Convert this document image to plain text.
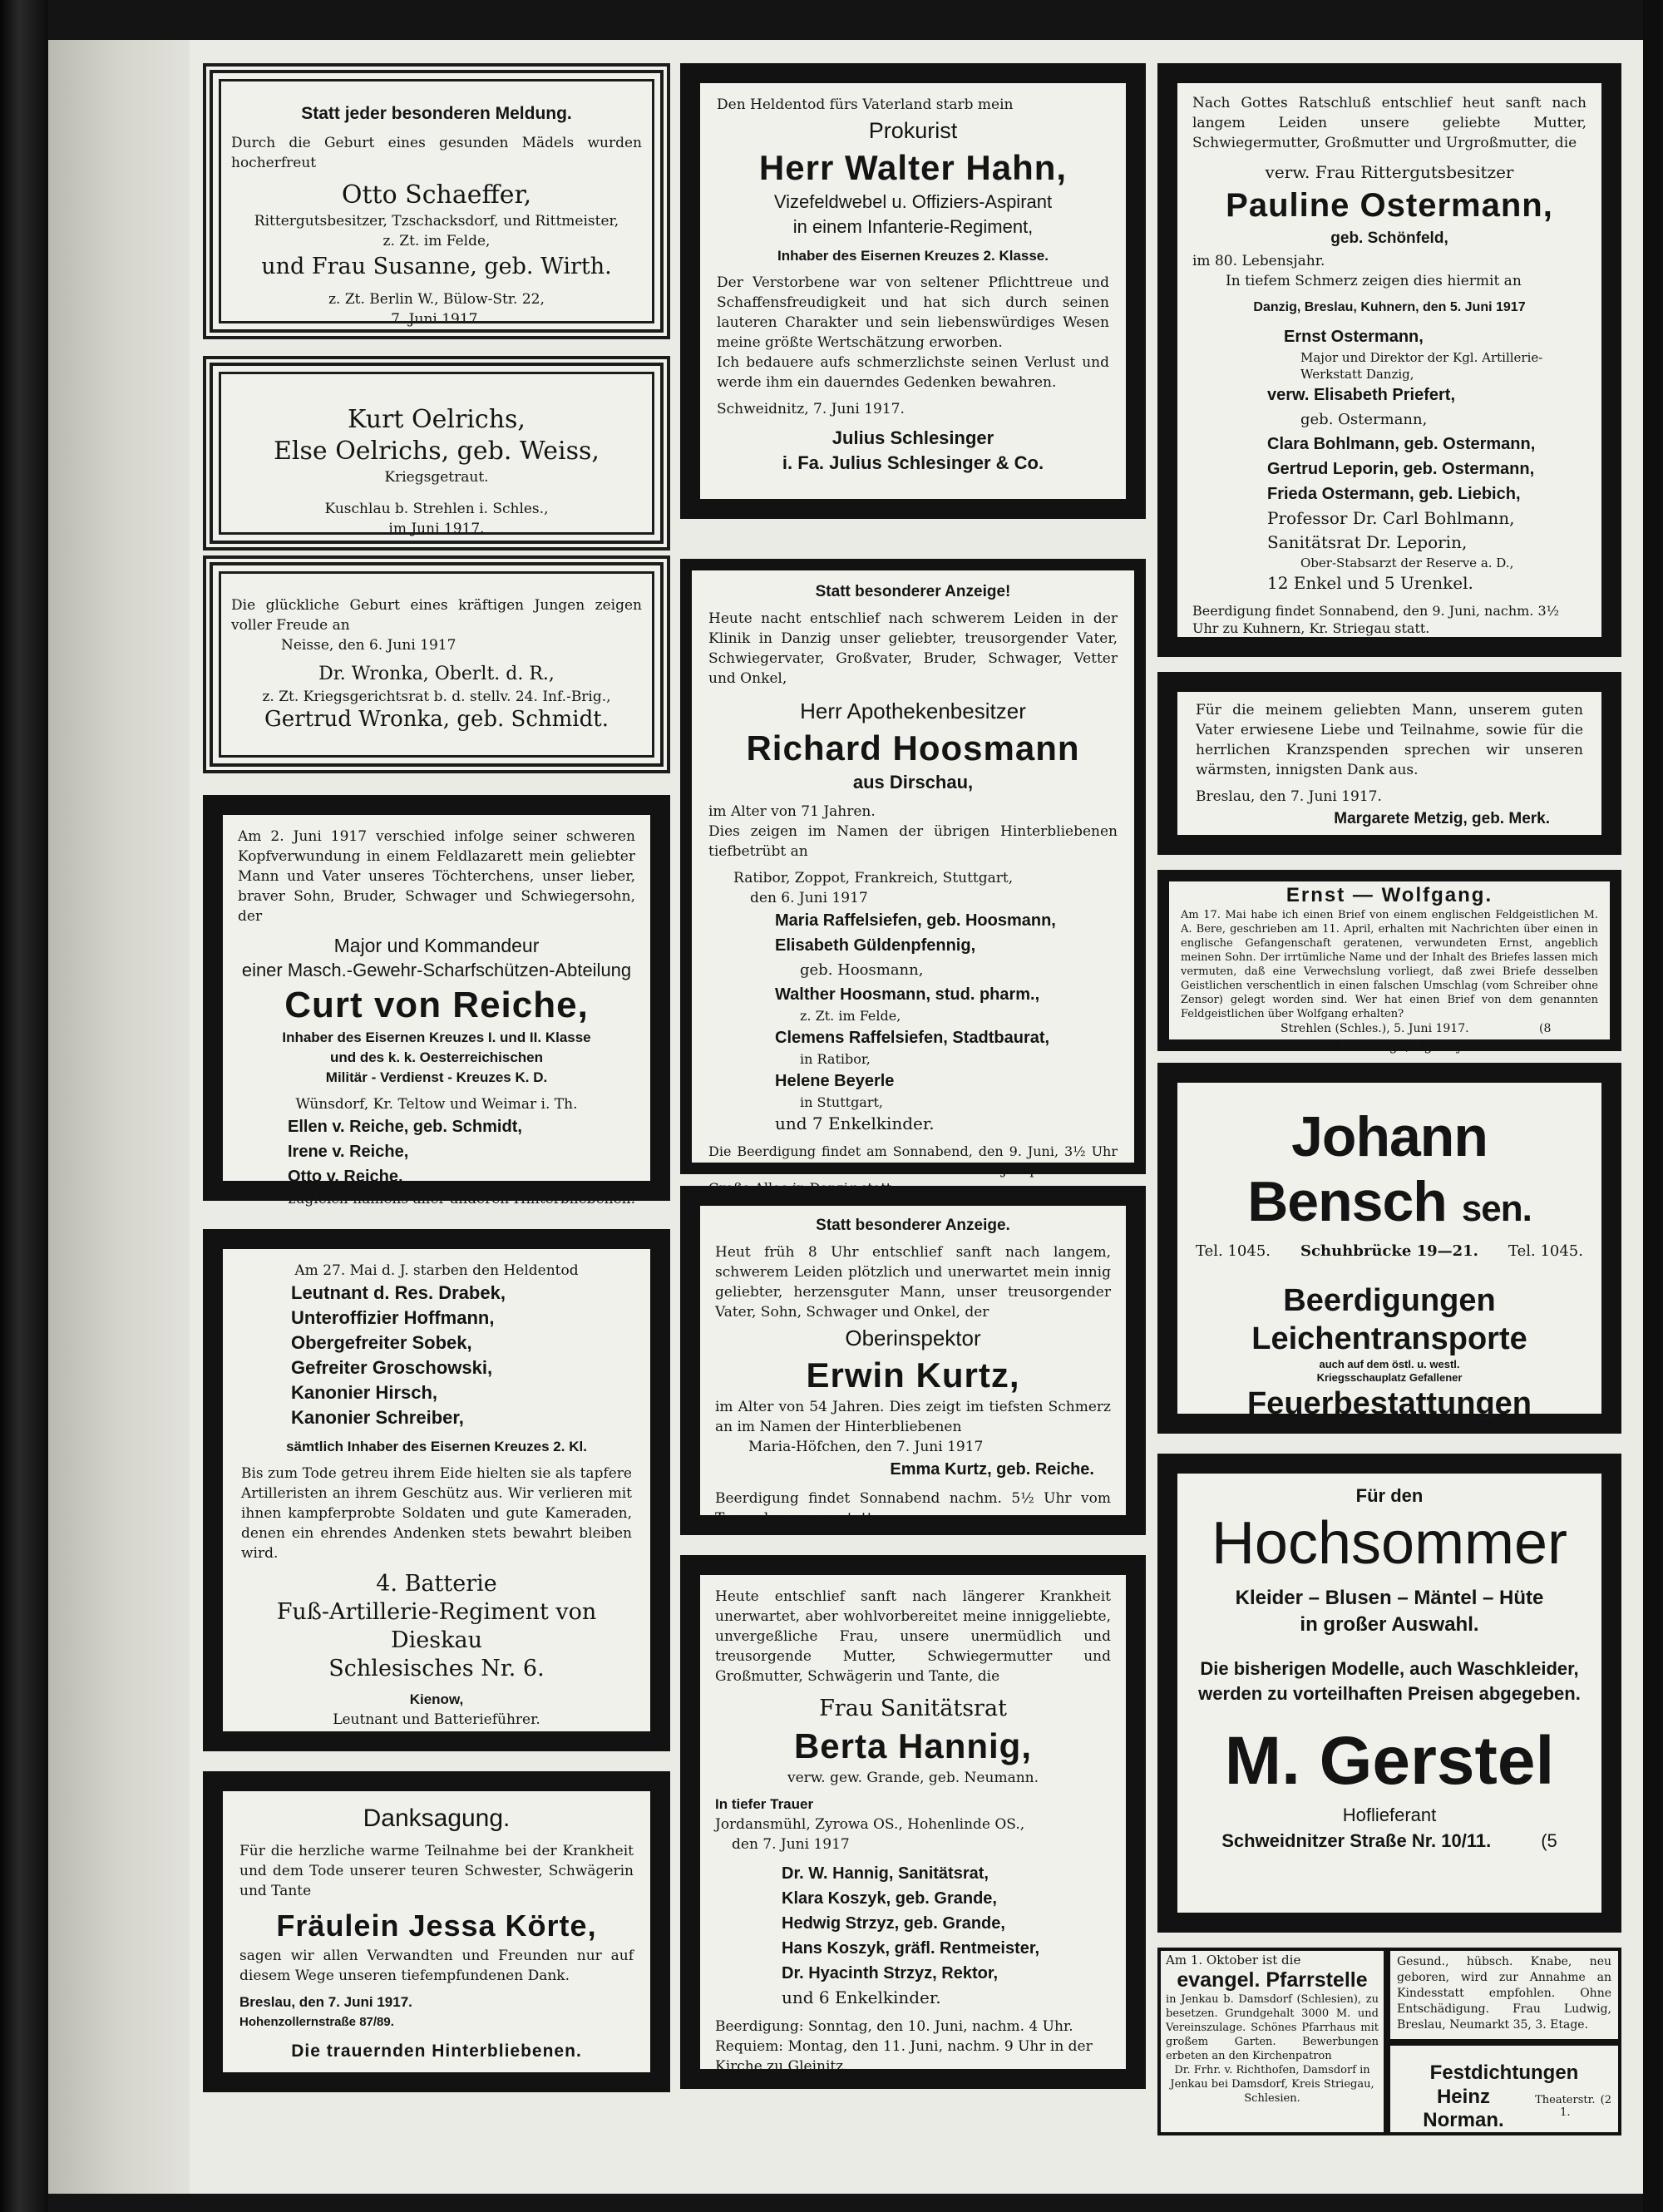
Statt jeder besonderen Meldung.

Durch die Geburt eines gesunden Mädels wurden hocherfreut

Otto Schaeffer,

Rittergutsbesitzer, Tzschacksdorf, und Rittmeister,

z. Zt. im Felde,

und Frau Susanne, geb. Wirth.

z. Zt. Berlin W., Bülow-Str. 22,

7. Juni 1917.

Kurt Oelrichs,

Else Oelrichs, geb. Weiss,

Kriegsgetraut.

Kuschlau b. Strehlen i. Schles.,

im Juni 1917.

Die glückliche Geburt eines kräftigen Jungen zeigen voller Freude an

Neisse, den 6. Juni 1917

Dr. Wronka, Oberlt. d. R.,

z. Zt. Kriegsgerichtsrat b. d. stellv. 24. Inf.-Brig.,

Gertrud Wronka, geb. Schmidt.

Am 2. Juni 1917 verschied infolge seiner schweren Kopfverwundung in einem Feldlazarett mein geliebter Mann und Vater unseres Töchterchens, unser lieber, braver Sohn, Bruder, Schwager und Schwiegersohn, der

Major und Kommandeur

einer Masch.-Gewehr-Scharfschützen-Abteilung

Curt von Reiche,

Inhaber des Eisernen Kreuzes I. und II. Klasse

und des k. k. Oesterreichischen

Militär - Verdienst - Kreuzes K. D.

Wünsdorf, Kr. Teltow und Weimar i. Th.

Ellen v. Reiche, geb. Schmidt,

Irene v. Reiche,

Otto v. Reiche,

zugleich namens aller anderen Hinterbliebenen.

Am 27. Mai d. J. starben den Heldentod

Leutnant d. Res. Drabek,

Unteroffizier Hoffmann,

Obergefreiter Sobek,

Gefreiter Groschowski,

Kanonier Hirsch,

Kanonier Schreiber,

sämtlich Inhaber des Eisernen Kreuzes 2. Kl.

Bis zum Tode getreu ihrem Eide hielten sie als tapfere Artilleristen an ihrem Geschütz aus. Wir verlieren mit ihnen kampferprobte Soldaten und gute Kameraden, denen ein ehrendes Andenken stets bewahrt bleiben wird.

4. Batterie

Fuß-Artillerie-Regiment von Dieskau

Schlesisches Nr. 6.

Kienow,

Leutnant und Batterieführer.

Danksagung.

Für die herzliche warme Teilnahme bei der Krankheit und dem Tode unserer teuren Schwester, Schwägerin und Tante

Fräulein Jessa Körte,

sagen wir allen Verwandten und Freunden nur auf diesem Wege unseren tiefempfundenen Dank.

Breslau, den 7. Juni 1917.

Hohenzollernstraße 87/89.

Die trauernden Hinterbliebenen.

Den Heldentod fürs Vaterland starb mein

Prokurist

Herr Walter Hahn,

Vizefeldwebel u. Offiziers-Aspirant

in einem Infanterie-Regiment,

Inhaber des Eisernen Kreuzes 2. Klasse.

Der Verstorbene war von seltener Pflichttreue und Schaffensfreudigkeit und hat sich durch seinen lauteren Charakter und sein liebenswürdiges Wesen meine größte Wertschätzung erworben.

Ich bedauere aufs schmerzlichste seinen Verlust und werde ihm ein dauerndes Gedenken bewahren.

Schweidnitz, 7. Juni 1917.

Julius Schlesinger

i. Fa. Julius Schlesinger & Co.

Statt besonderer Anzeige!

Heute nacht entschlief nach schwerem Leiden in der Klinik in Danzig unser geliebter, treusorgender Vater, Schwiegervater, Großvater, Bruder, Schwager, Vetter und Onkel,

Herr Apothekenbesitzer

Richard Hoosmann

aus Dirschau,

im Alter von 71 Jahren.

Dies zeigen im Namen der übrigen Hinterbliebenen tiefbetrübt an

Ratibor, Zoppot, Frankreich, Stuttgart,

den 6. Juni 1917

Maria Raffelsiefen, geb. Hoosmann,

Elisabeth Güldenpfennig,

geb. Hoosmann,

Walther Hoosmann, stud. pharm.,

z. Zt. im Felde,

Clemens Raffelsiefen, Stadtbaurat,

in Ratibor,

Helene Beyerle

in Stuttgart,

und 7 Enkelkinder.

Die Beerdigung findet am Sonnabend, den 9. Juni, 3½ Uhr nachm. von der Leichenhalle des St. Josephkirchhofes

Statt besonderer Anzeige.

Heut früh 8 Uhr entschlief sanft nach langem, schwerem Leiden plötzlich und unerwartet mein innig geliebter, herzensguter Mann, unser treusorgender Vater, Sohn, Schwager und Onkel, der

Oberinspektor

Erwin Kurtz,

im Alter von 54 Jahren. Dies zeigt im tiefsten Schmerz an im Namen der Hinterbliebenen

Maria-Höfchen, den 7. Juni 1917

Emma Kurtz, geb. Reiche.

Beerdigung findet Sonnabend nachm. 5½ Uhr vom Trauerhause aus statt.

Heute entschlief sanft nach längerer Krankheit unerwartet, aber wohlvorbereitet meine inniggeliebte, unvergeßliche Frau, unsere unermüdlich und treusorgende Mutter, Schwiegermutter und Großmutter, Schwägerin und Tante, die

Frau Sanitätsrat

Berta Hannig,

verw. gew. Grande, geb. Neumann.

In tiefer Trauer

Jordansmühl, Zyrowa OS., Hohenlinde OS.,

den 7. Juni 1917

Dr. W. Hannig, Sanitätsrat,

Klara Koszyk, geb. Grande,

Hedwig Strzyz, geb. Grande,

Hans Koszyk, gräfl. Rentmeister,

Dr. Hyacinth Strzyz, Rektor,

und 6 Enkelkinder.

Beerdigung: Sonntag, den 10. Juni, nachm. 4 Uhr.

Requiem: Montag, den 11. Juni, nachm. 9 Uhr in der Kirche zu Gleinitz.

Nach Gottes Ratschluß entschlief heut sanft nach langem Leiden unsere geliebte Mutter, Schwiegermutter, Großmutter und Urgroßmutter, die

verw. Frau Rittergutsbesitzer

Pauline Ostermann,

geb. Schönfeld,

im 80. Lebensjahr.

In tiefem Schmerz zeigen dies hiermit an

Danzig, Breslau, Kuhnern, den 5. Juni 1917

Ernst Ostermann,

Major und Direktor der Kgl. Artillerie-Werkstatt Danzig,

verw. Elisabeth Priefert,

geb. Ostermann,

Clara Bohlmann, geb. Ostermann,

Gertrud Leporin, geb. Ostermann,

Frieda Ostermann, geb. Liebich,

Professor Dr. Carl Bohlmann,

Sanitätsrat Dr. Leporin,

Ober-Stabsarzt der Reserve a. D.,

12 Enkel und 5 Urenkel.

Beerdigung findet Sonnabend, den 9. Juni, nachm. 3½ Uhr zu Kuhnern, Kr. Striegau statt.

Für die meinem geliebten Mann, unserem guten Vater erwiesene Liebe und Teilnahme, sowie für die herrlichen Kranzspenden sprechen wir unseren wärmsten, innigsten Dank aus.

Breslau, den 7. Juni 1917.

Margarete Metzig, geb. Merk.

Ernst — Wolfgang.

Am 17. Mai habe ich einen Brief von einem englischen Feldgeistlichen M. A. Bere, geschrieben am 11. April, erhalten mit Nachrichten über einen in englische Gefangenschaft geratenen, verwundeten Ernst, angeblich meinen Sohn. Der irrtümliche Name und der Inhalt des Briefes lassen mich vermuten, daß eine Verwechslung vorliegt, daß zwei Briefe desselben Geistlichen verschentlich in einen falschen Umschlag (vom Schreiber ohne Zensor) gelegt worden sind. Wer hat einen Brief von dem genannten Feldgeistlichen über Wolfgang erhalten?

Strehlen (Schles.), 5. Juni 1917.	(8

Dr. Baege, Kgl. Gymnasialdirektor.

Johann Bensch sen.

Tel. 1045. Schuhbrücke 19—21. Tel. 1045.

Beerdigungen

Leichentransporte

auch auf dem östl. u. westl.

Kriegsschauplatz Gefallener

Feuerbestattungen

Für den

Hochsommer

Kleider – Blusen – Mäntel – Hüte

in großer Auswahl.

Die bisherigen Modelle, auch Waschkleider,

werden zu vorteilhaften Preisen abgegeben.

M. Gerstel

Hoflieferant

Schweidnitzer Straße Nr. 10/11.	(5

Am 1. Oktober ist die

evangel. Pfarrstelle

in Jenkau b. Damsdorf (Schlesien), zu besetzen. Grundgehalt 3000 M. und Vereinszulage. Schönes Pfarrhaus mit großem Garten. Bewerbungen erbeten an den Kirchenpatron

Dr. Frhr. v. Richthofen, Damsdorf in Jenkau bei Damsdorf, Kreis Striegau, Schlesien.

Gesund., hübsch. Knabe, neu geboren, wird zur Annahme an Kindesstatt empfohlen. Ohne Entschädigung. Frau Ludwig, Breslau, Neumarkt 35, 3. Etage.

Festdichtungen

Heinz Norman.
Theaterstr. 1.
(2
